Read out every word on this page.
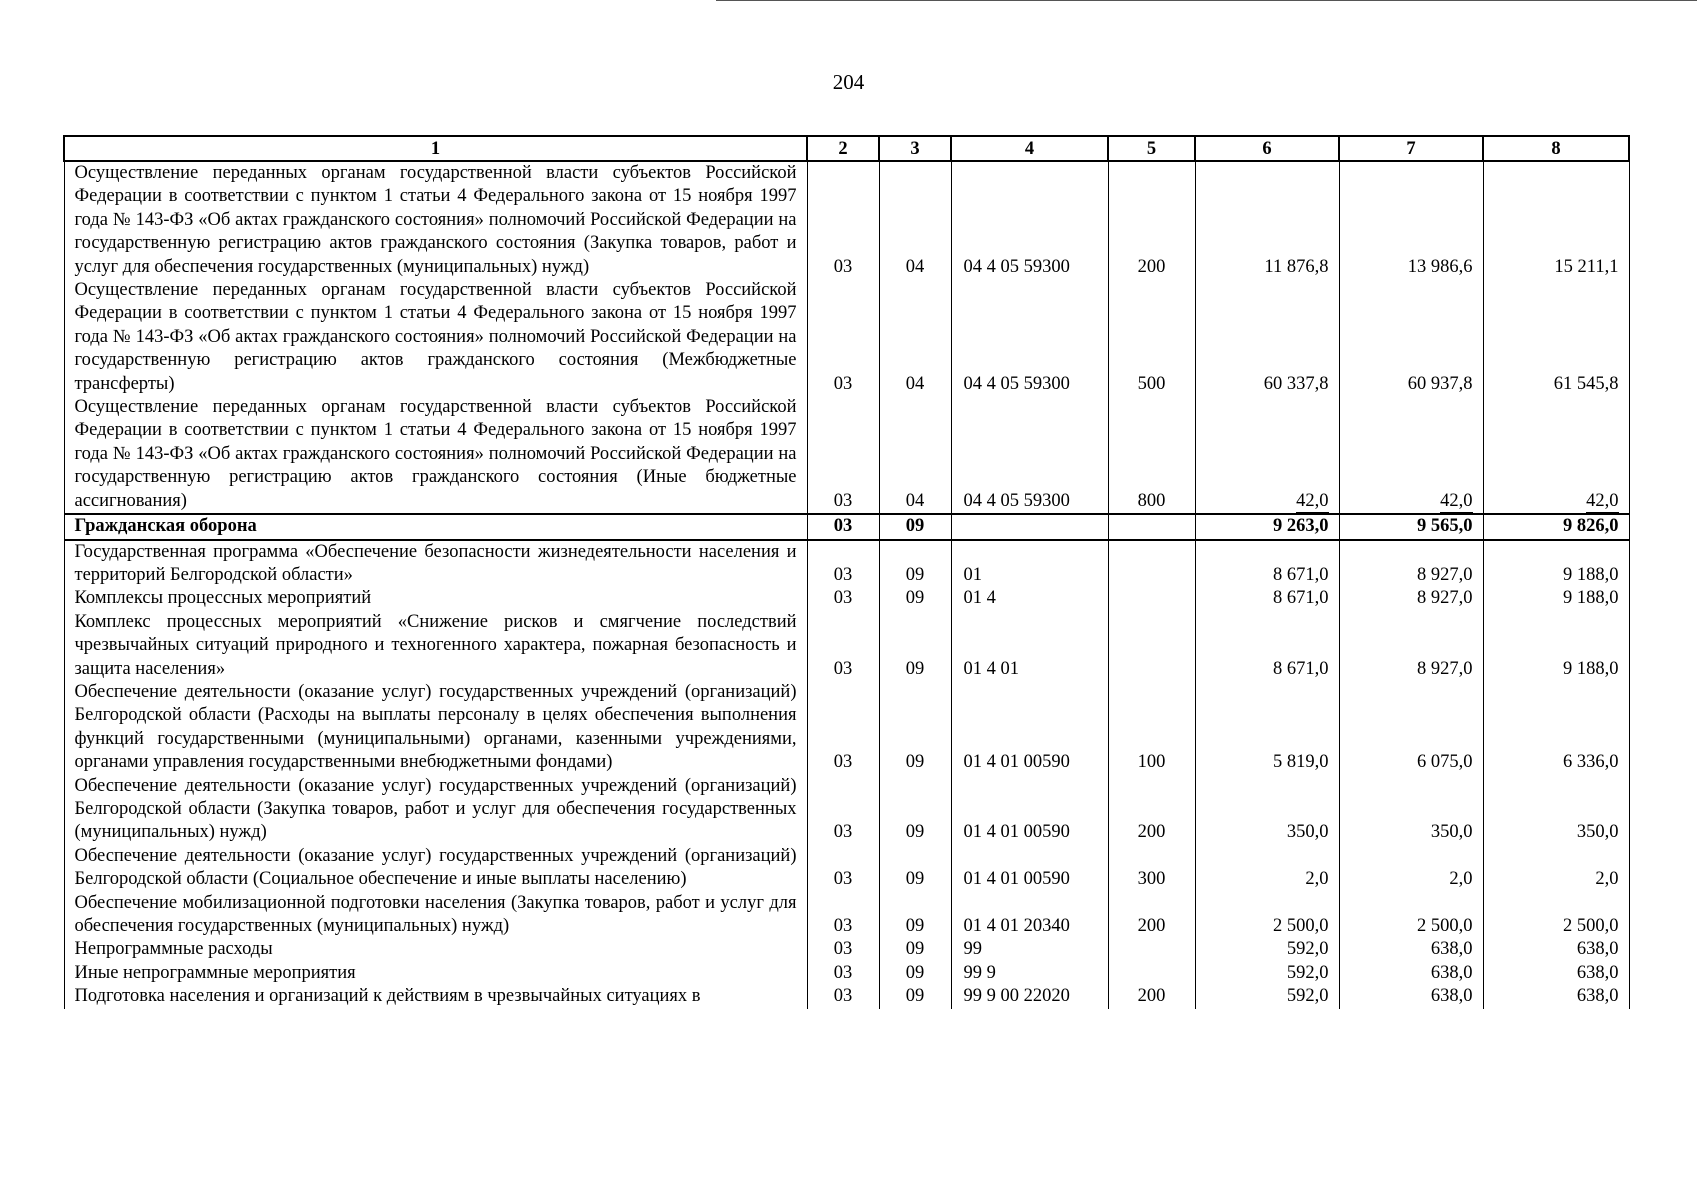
204
1	2	3	4	5	6	7	8
Осуществление переданных органам государственной власти субъектов Российской Федерации в соответствии с пунктом 1 статьи 4 Федерального закона от 15 ноября 1997 года № 143-ФЗ «Об актах гражданского состояния» полномочий Российской Федерации на государственную регистрацию актов гражданского состояния (Закупка товаров, работ и услуг для обеспечения государственных (муниципальных) нужд)	03	04	04 4 05 59300	200	11 876,8	13 986,6	15 211,1
Осуществление переданных органам государственной власти субъектов Российской Федерации в соответствии с пунктом 1 статьи 4 Федерального закона от 15 ноября 1997 года № 143-ФЗ «Об актах гражданского состояния» полномочий Российской Федерации на государственную регистрацию актов гражданского состояния (Межбюджетные трансферты)	03	04	04 4 05 59300	500	60 337,8	60 937,8	61 545,8
Осуществление переданных органам государственной власти субъектов Российской Федерации в соответствии с пунктом 1 статьи 4 Федерального закона от 15 ноября 1997 года № 143-ФЗ «Об актах гражданского состояния» полномочий Российской Федерации на государственную регистрацию актов гражданского состояния (Иные бюджетные ассигнования)	03	04	04 4 05 59300	800	42,0	42,0	42,0
Гражданская оборона	03	09			9 263,0	9 565,0	9 826,0
Государственная программа «Обеспечение безопасности жизнедеятельности населения и территорий Белгородской области»	03	09	01		8 671,0	8 927,0	9 188,0
Комплексы процессных мероприятий	03	09	01 4		8 671,0	8 927,0	9 188,0
Комплекс процессных мероприятий «Снижение рисков и смягчение последствий чрезвычайных ситуаций природного и техногенного характера, пожарная безопасность и защита населения»	03	09	01 4 01		8 671,0	8 927,0	9 188,0
Обеспечение деятельности (оказание услуг) государственных учреждений (организаций) Белгородской области (Расходы на выплаты персоналу в целях обеспечения выполнения функций государственными (муниципальными) органами, казенными учреждениями, органами управления государственными внебюджетными фондами)	03	09	01 4 01 00590	100	5 819,0	6 075,0	6 336,0
Обеспечение деятельности (оказание услуг) государственных учреждений (организаций) Белгородской области (Закупка товаров, работ и услуг для обеспечения государственных (муниципальных) нужд)	03	09	01 4 01 00590	200	350,0	350,0	350,0
Обеспечение деятельности (оказание услуг) государственных учреждений (организаций) Белгородской области (Социальное обеспечение и иные выплаты населению)	03	09	01 4 01 00590	300	2,0	2,0	2,0
Обеспечение мобилизационной подготовки населения (Закупка товаров, работ и услуг для обеспечения государственных (муниципальных) нужд)	03	09	01 4 01 20340	200	2 500,0	2 500,0	2 500,0
Непрограммные расходы	03	09	99		592,0	638,0	638,0
Иные непрограммные мероприятия	03	09	99 9		592,0	638,0	638,0
Подготовка населения и организаций к действиям в чрезвычайных ситуациях в	03	09	99 9 00 22020	200	592,0	638,0	638,0
